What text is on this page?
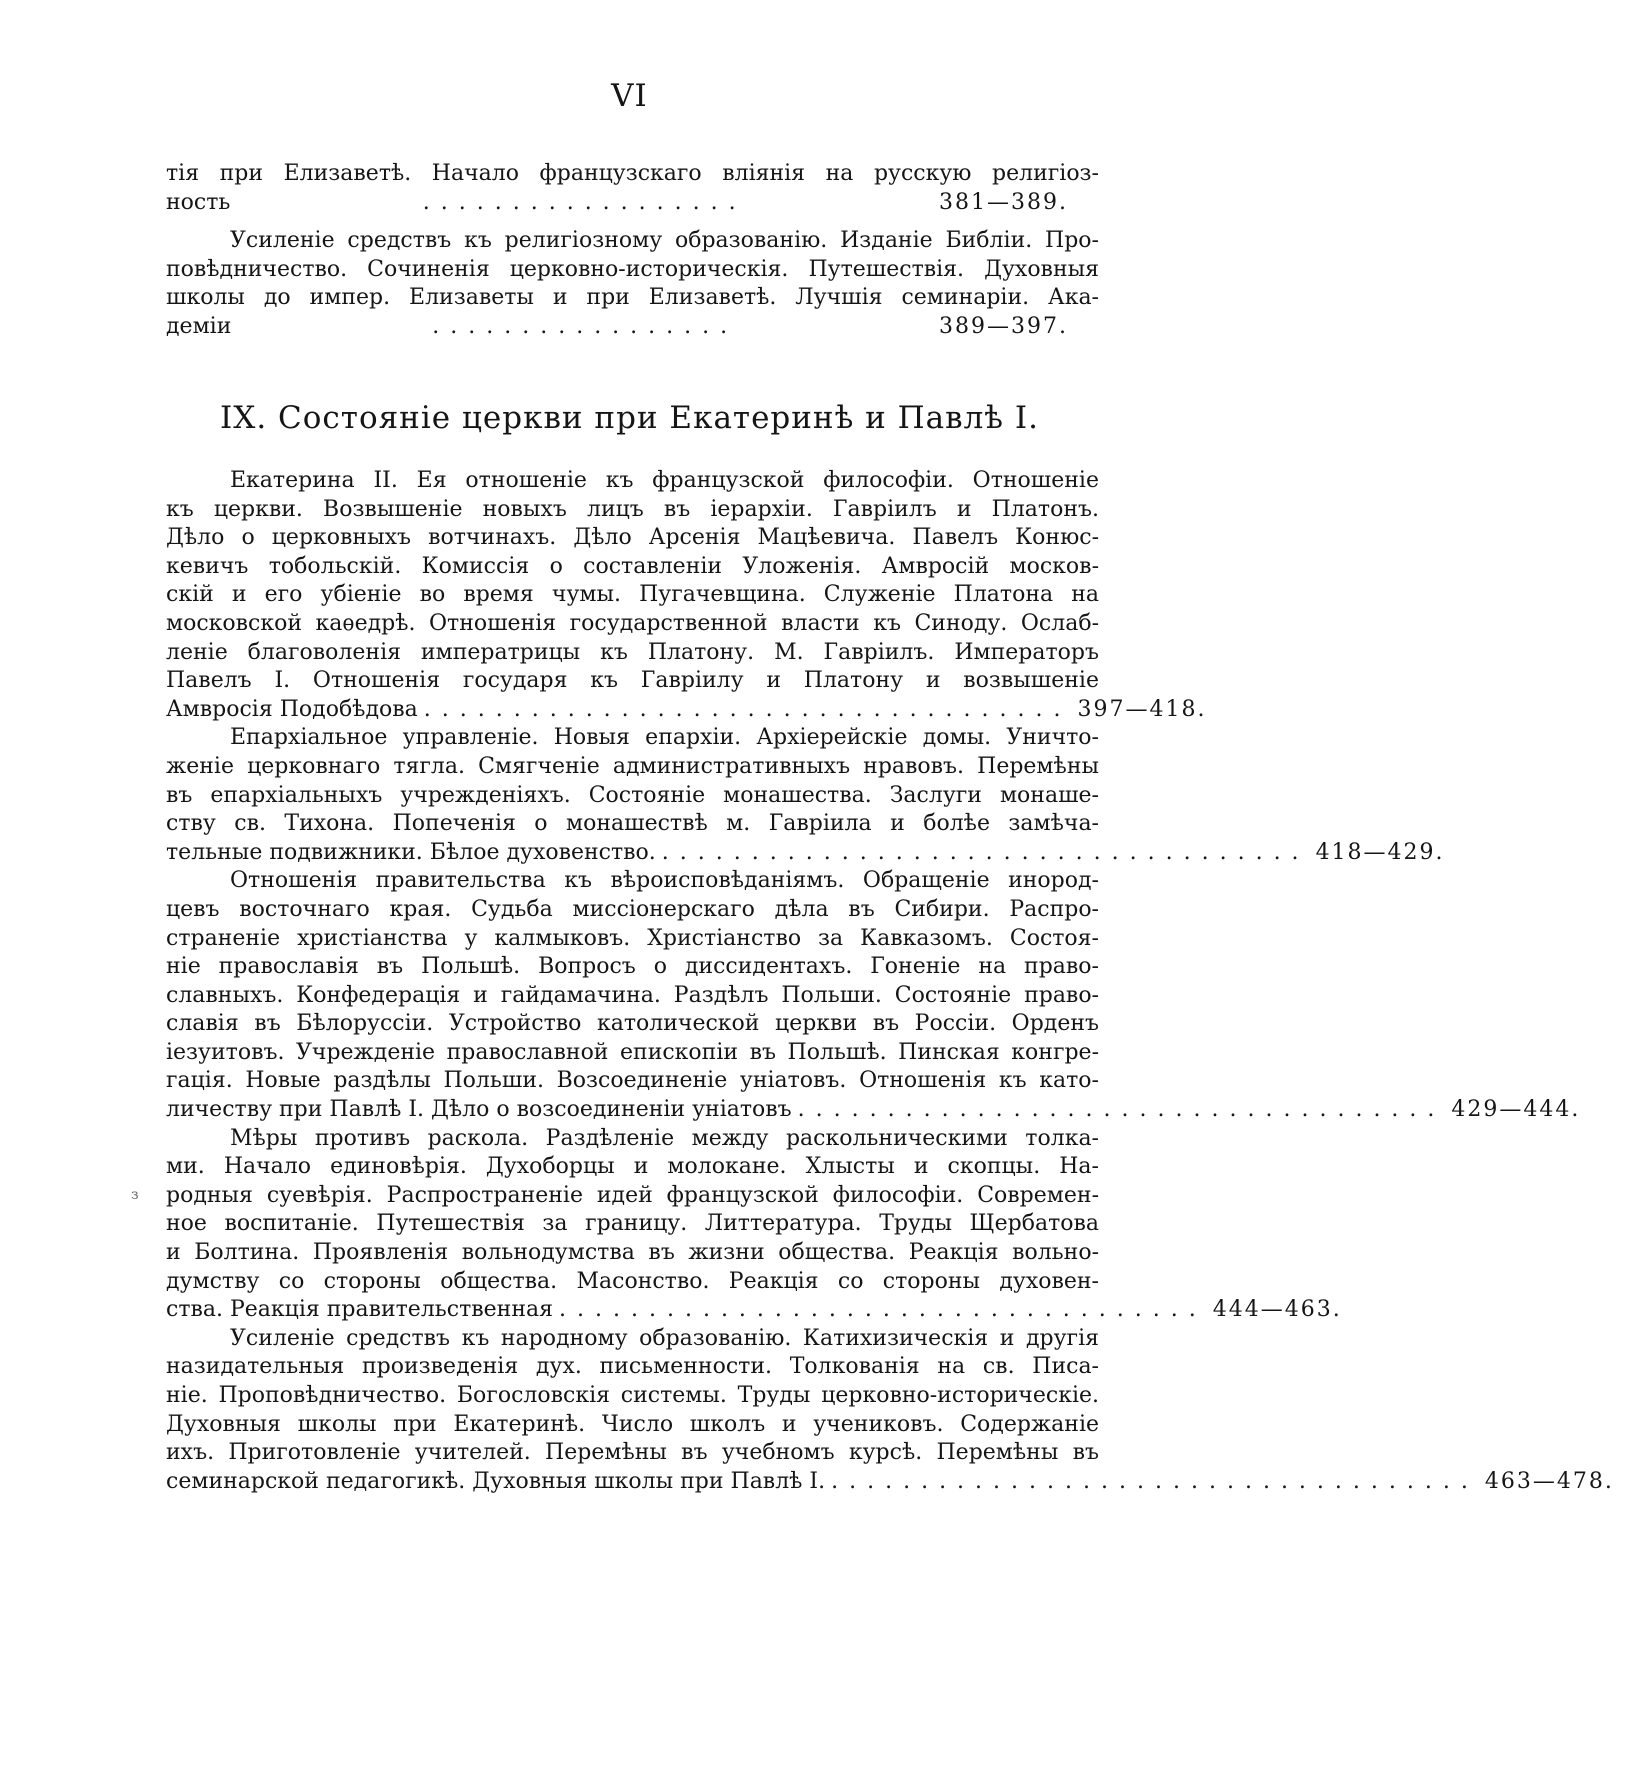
VI
тія при Елизаветѣ. Начало французскаго вліянія на русскую религіоз-
ность	..................	381—389.
Усиленіе средствъ къ религіозному образованію. Изданіе Библіи. Про-
повѣдничество. Сочиненія церковно-историческія. Путешествія. Духовныя
школы до импер. Елизаветы и при Елизаветѣ. Лучшія семинаріи. Ака-
деміи	.................	389—397.
IX. Состояніе церкви при Екатеринѣ и Павлѣ I.
Екатерина II. Ея отношеніе къ французской философіи. Отношеніе
къ церкви. Возвышеніе новыхъ лицъ въ іерархіи. Гавріилъ и Платонъ.
Дѣло о церковныхъ вотчинахъ. Дѣло Арсенія Мацѣевича. Павелъ Конюс-
кевичъ тобольскій. Комиссія о составленіи Уложенія. Амвросій москов-
скій и его убіеніе во время чумы. Пугачевщина. Служеніе Платона на
московской каѳедрѣ. Отношенія государственной власти къ Синоду. Ослаб-
леніе благоволенія императрицы къ Платону. М. Гавріилъ. Императоръ
Павелъ I. Отношенія государя къ Гавріилу и Платону и возвышеніе
Амвросія Подобѣдова .................................... 397—418.
Епархіальное управленіе. Новыя епархіи. Архіерейскіе домы. Уничто-
женіе церковнаго тягла. Смягченіе административныхъ нравовъ. Перемѣны
въ епархіальныхъ учрежденіяхъ. Состояніе монашества. Заслуги монаше-
ству св. Тихона. Попеченія о монашествѣ м. Гавріила и болѣе замѣча-
тельные подвижники. Бѣлое духовенство. .................................... 418—429.
Отношенія правительства къ вѣроисповѣданіямъ. Обращеніе инород-
цевъ восточнаго края. Судьба миссіонерскаго дѣла въ Сибири. Распро-
страненіе христіанства у калмыковъ. Христіанство за Кавказомъ. Состоя-
ніе православія въ Польшѣ. Вопросъ о диссидентахъ. Гоненіе на право-
славныхъ. Конфедерація и гайдамачина. Раздѣлъ Польши. Состояніе право-
славія въ Бѣлоруссіи. Устройство католической церкви въ Россіи. Орденъ
іезуитовъ. Учрежденіе православной епископіи въ Польшѣ. Пинская конгре-
гація. Новые раздѣлы Польши. Возсоединеніе уніатовъ. Отношенія къ като-
личеству при Павлѣ I. Дѣло о возсоединеніи уніатовъ .................................... 429—444.
Мѣры противъ раскола. Раздѣленіе между раскольническими толка-
ми. Начало единовѣрія. Духоборцы и молокане. Хлысты и скопцы. На-
родныя суевѣрія. Распространеніе идей французской философіи. Современ-
ное воспитаніе. Путешествія за границу. Литтература. Труды Щербатова
и Болтина. Проявленія вольнодумства въ жизни общества. Реакція вольно-
думству со стороны общества. Масонство. Реакція со стороны духовен-
ства. Реакція правительственная .................................... 444—463.
Усиленіе средствъ къ народному образованію. Катихизическія и другія
назидательныя произведенія дух. письменности. Толкованія на св. Писа-
ніе. Проповѣдничество. Богословскія системы. Труды церковно-историческіе.
Духовныя школы при Екатеринѣ. Число школъ и учениковъ. Содержаніе
ихъ. Приготовленіе учителей. Перемѣны въ учебномъ курсѣ. Перемѣны въ
семинарской педагогикѣ. Духовныя школы при Павлѣ I. .................................... 463—478.
з
